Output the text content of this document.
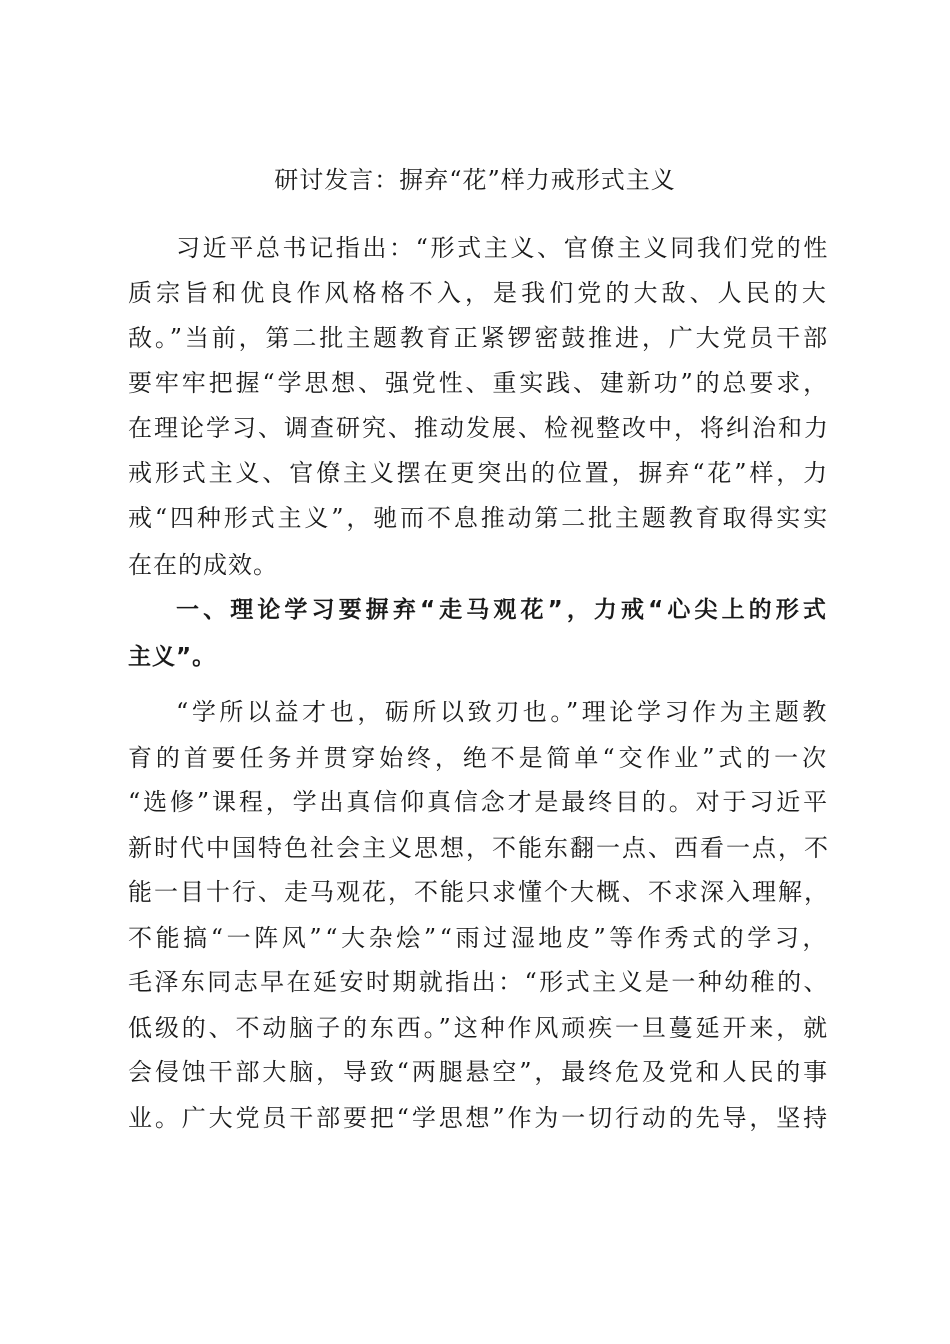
研讨发言：摒弃“花”样力戒形式主义
习近平总书记指出：“形式主义、官僚主义同我们党的性
质宗旨和优良作风格格不入，是我们党的大敌、人民的大
敌。”当前，第二批主题教育正紧锣密鼓推进，广大党员干部
要牢牢把握“学思想、强党性、重实践、建新功”的总要求，
在理论学习、调查研究、推动发展、检视整改中，将纠治和力
戒形式主义、官僚主义摆在更突出的位置，摒弃“花”样，力
戒“四种形式主义”，驰而不息推动第二批主题教育取得实实
在在的成效。
一、理论学习要摒弃“走马观花”，力戒“心尖上的形式
主义”。
“学所以益才也，砺所以致刃也。”理论学习作为主题教
育的首要任务并贯穿始终，绝不是简单“交作业”式的一次
“选修”课程，学出真信仰真信念才是最终目的。对于习近平
新时代中国特色社会主义思想，不能东翻一点、西看一点，不
能一目十行、走马观花，不能只求懂个大概、不求深入理解，
不能搞“一阵风”“大杂烩”“雨过湿地皮”等作秀式的学习，
毛泽东同志早在延安时期就指出：“形式主义是一种幼稚的、
低级的、不动脑子的东西。”这种作风顽疾一旦蔓延开来，就
会侵蚀干部大脑，导致“两腿悬空”，最终危及党和人民的事
业。广大党员干部要把“学思想”作为一切行动的先导，坚持
